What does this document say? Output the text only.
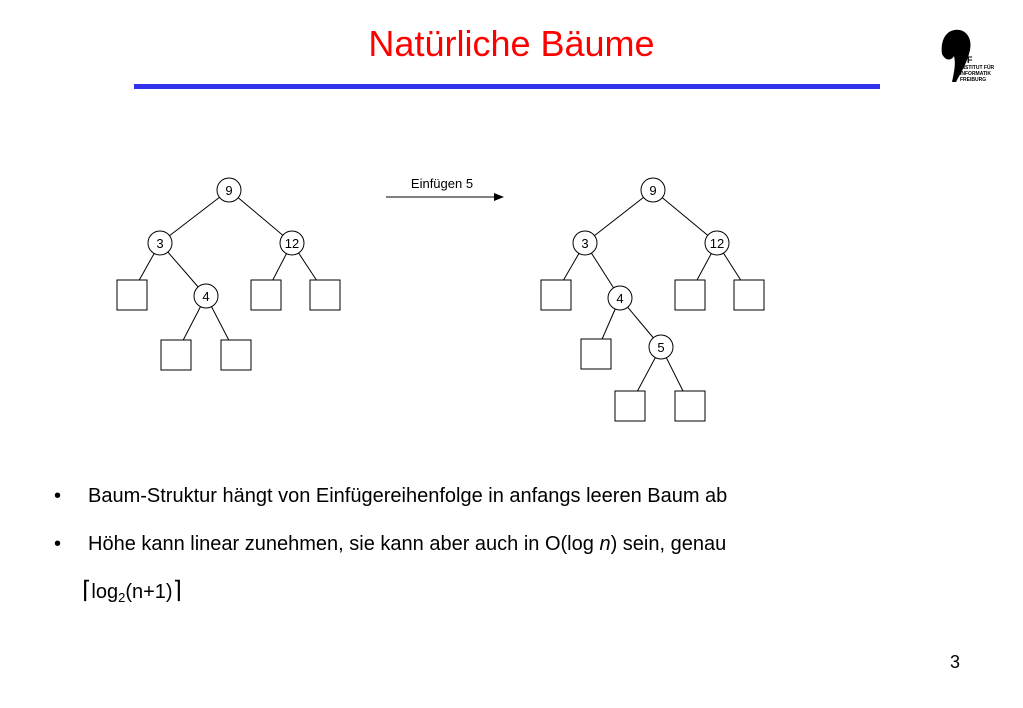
Natürliche Bäume	IIF
INSTITUT FÜR
INFORMATIK
FREIBURG
9
3	12
4
Einfügen 5	9
3	12
4
5
• Baum-Struktur hängt von Einfügereihenfolge in anfangs leeren Baum ab
• Höhe kann linear zunehmen, sie kann aber auch in O(log n) sein, genau
$⌈\log_2(n+1)⌉$
3
